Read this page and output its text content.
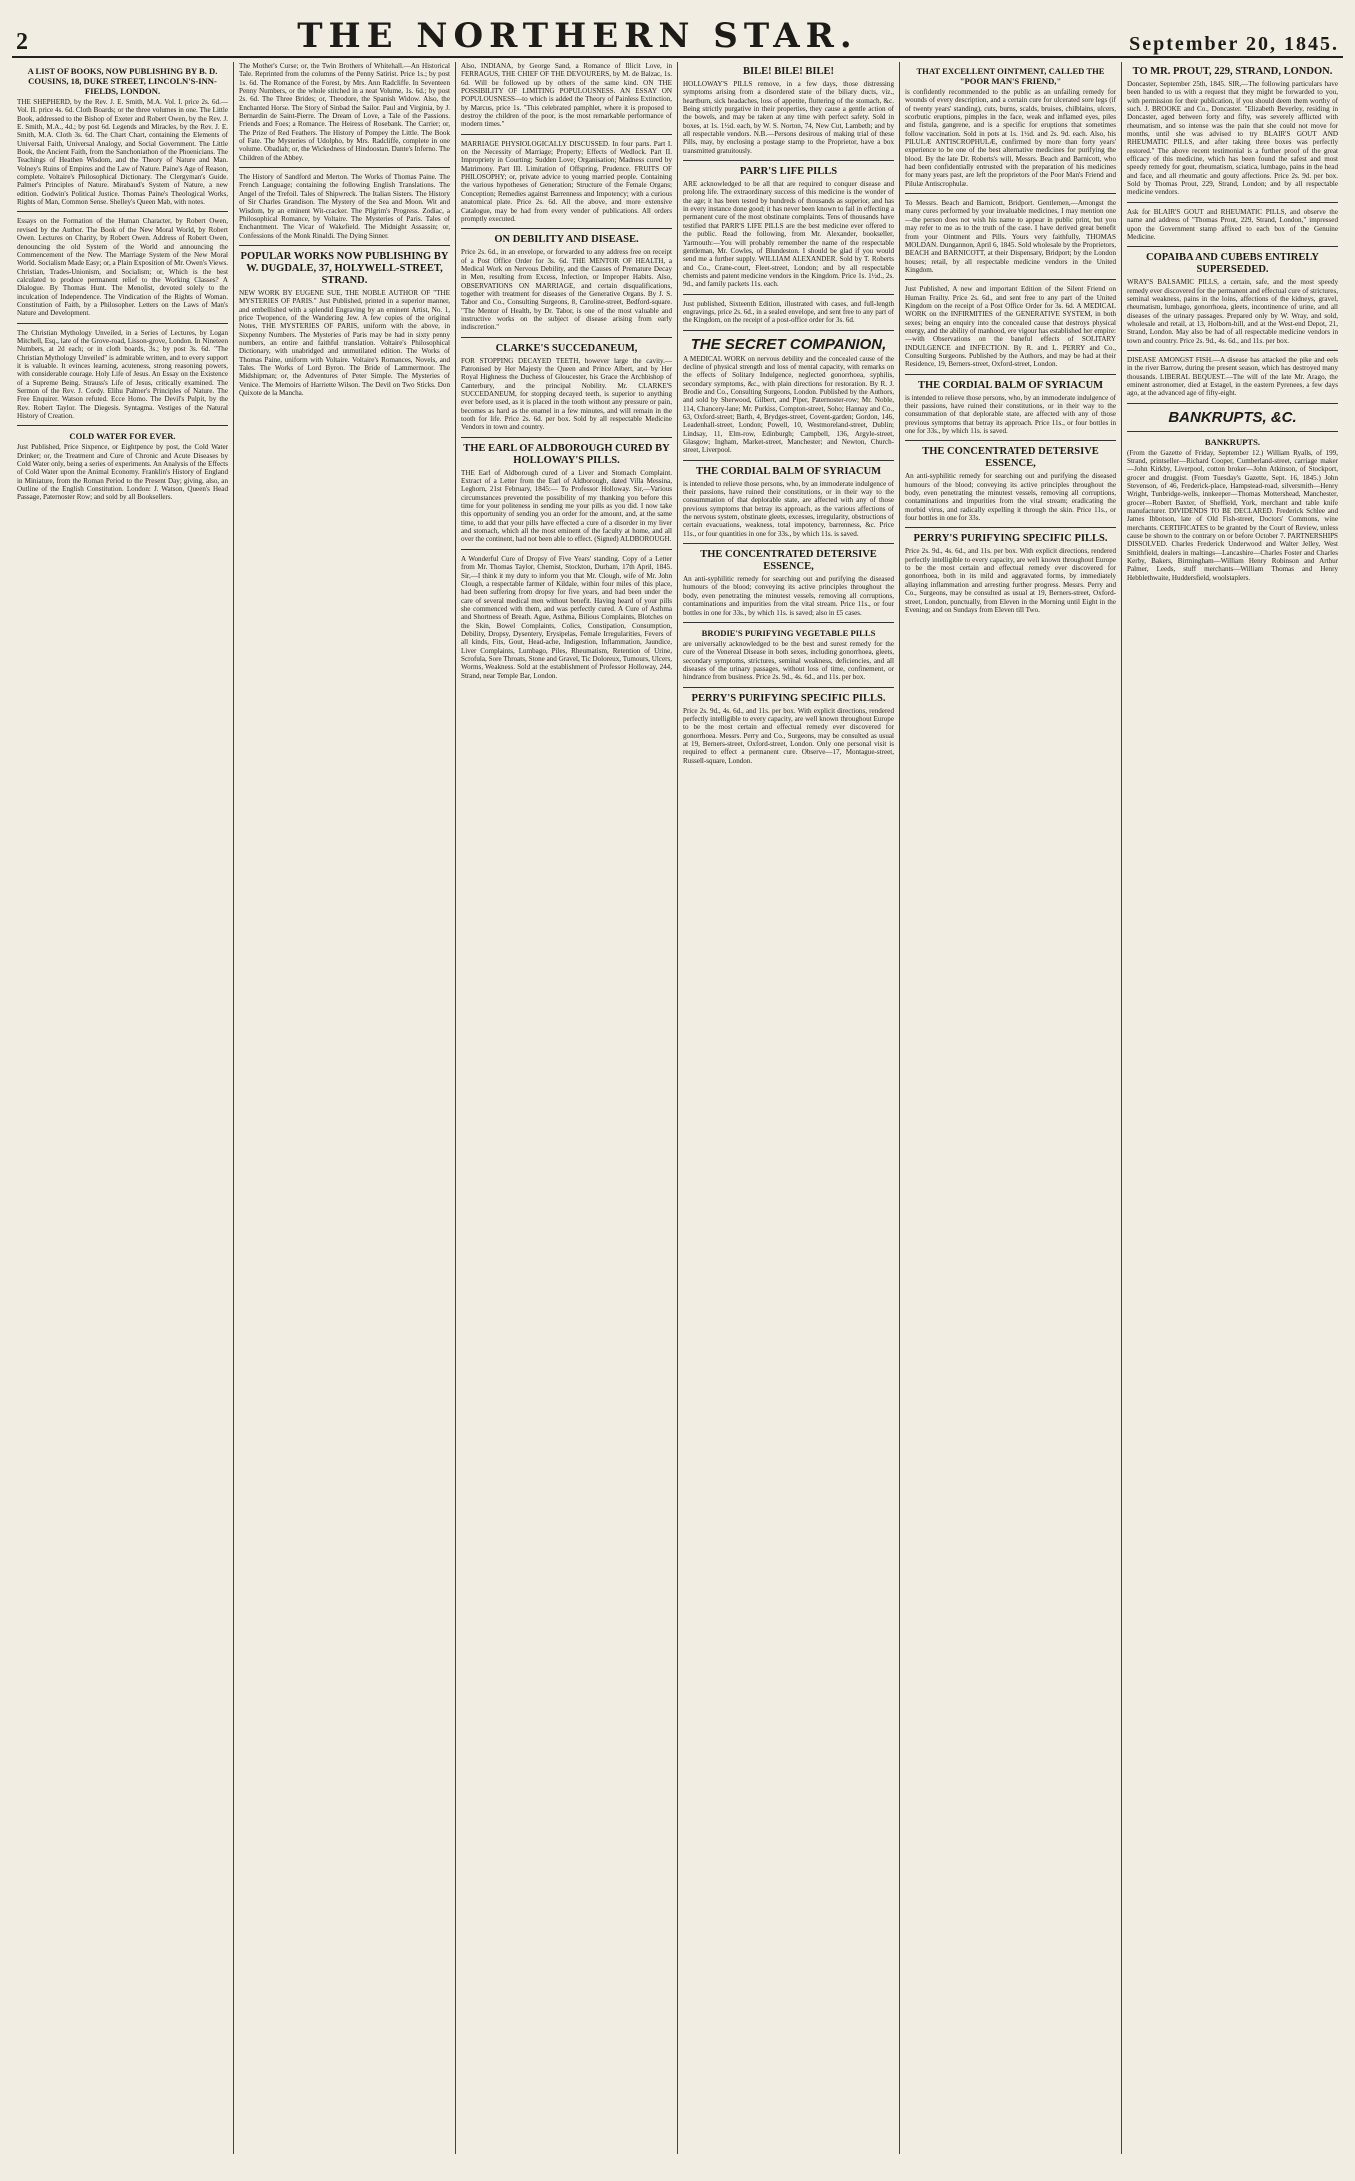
2	THE NORTHERN STAR.	September 20, 1845.
A LIST OF BOOKS, NOW PUBLISHING BY B. D. COUSINS, 18, DUKE STREET, LINCOLN'S-INN-FIELDS, LONDON.
THE SHEPHERD, by the Rev. J. E. Smith, M.A. Vol. I. price 2s. 6d.—Vol. II. price 4s. 6d. Cloth Boards; or the three volumes in one. The Little Book, addressed to the Bishop of Exeter and Robert Owen, by the Rev. J. E. Smith, M.A., 4d.; by post 6d. Legends and Miracles, by the Rev. J. E. Smith, M.A. Cloth 3s. 6d. The Chart Chart, containing the Elements of Universal Faith, Universal Analogy, and Social Government. The Little Book, the Ancient Faith, from the Sanchoniathon of the Phoenicians. The Teachings of Heathen Wisdom, and the Theory of Nature and Man. Volney's Ruins of Empires and the Law of Nature. Paine's Age of Reason, complete. Voltaire's Philosophical Dictionary. The Clergyman's Guide. Palmer's Principles of Nature. Mirabaud's System of Nature, a new edition. Godwin's Political Justice. Thomas Paine's Theological Works, Rights of Man, Common Sense. Shelley's Queen Mab, with notes.
Essays on the Formation of the Human Character, by Robert Owen, revised by the Author. The Book of the New Moral World, by Robert Owen. Lectures on Charity, by Robert Owen. Address of Robert Owen, denouncing the old System of the World and announcing the Commencement of the New. The Marriage System of the New Moral World. Socialism Made Easy; or, a Plain Exposition of Mr. Owen's Views. Christian, Trades-Unionism, and Socialism; or, Which is the best calculated to produce permanent relief to the Working Classes? A Dialogue. By Thomas Hunt. The Menolist, devoted solely to the inculcation of Independence. The Vindication of the Rights of Woman. Constitution of Faith, by a Philosopher. Letters on the Laws of Man's Nature and Development.
The Christian Mythology Unveiled, in a Series of Lectures, by Logan Mitchell, Esq., late of the Grove-road, Lisson-grove, London. In Nineteen Numbers, at 2d each; or in cloth boards, 3s.; by post 3s. 6d. "The Christian Mythology Unveiled" is admirable written, and to every support it is valuable. It evinces learning, acuteness, strong reasoning powers, with considerable courage. Holy Life of Jesus. An Essay on the Existence of a Supreme Being. Strauss's Life of Jesus, critically examined. The Sermon of the Rev. J. Cordy. Elihu Palmer's Principles of Nature. The Free Enquirer. Watson refuted. Ecce Homo. The Devil's Pulpit, by the Rev. Robert Taylor. The Diegesis. Syntagma. Vestiges of the Natural History of Creation.
COLD WATER FOR EVER.
Just Published, Price Sixpence, or Eightpence by post, the Cold Water Drinker; or, the Treatment and Cure of Chronic and Acute Diseases by Cold Water only, being a series of experiments. An Analysis of the Effects of Cold Water upon the Animal Economy. Franklin's History of England in Miniature, from the Roman Period to the Present Day; giving, also, an Outline of the English Constitution. London: J. Watson, Queen's Head Passage, Paternoster Row; and sold by all Booksellers.
The Mother's Curse; or, the Twin Brothers of Whitehall.—An Historical Tale. Reprinted from the columns of the Penny Satirist. Price 1s.; by post 1s. 6d. The Romance of the Forest, by Mrs. Ann Radcliffe. In Seventeen Penny Numbers, or the whole stitched in a neat Volume, 1s. 6d.; by post 2s. 6d. The Three Brides; or, Theodore, the Spanish Widow. Also, the Enchanted Horse. The Story of Sinbad the Sailor. Paul and Virginia, by J. Bernardin de Saint-Pierre. The Dream of Love, a Tale of the Passions. Friends and Foes; a Romance. The Heiress of Rosebank. The Carrier; or, The Prize of Red Feathers. The History of Pompey the Little. The Book of Fate. The Mysteries of Udolpho, by Mrs. Radcliffe, complete in one volume. Obadiah; or, the Wickedness of Hindoostan. Dante's Inferno. The Children of the Abbey.
The History of Sandford and Merton. The Works of Thomas Paine. The French Language; containing the following English Translations. The Angel of the Trefoil. Tales of Shipwreck. The Italian Sisters. The History of Sir Charles Grandison. The Mystery of the Sea and Moon. Wit and Wisdom, by an eminent Wit-cracker. The Pilgrim's Progress. Zodiac, a Philosophical Romance, by Voltaire. The Mysteries of Paris. Tales of Enchantment. The Vicar of Wakefield. The Midnight Assassin; or, Confessions of the Monk Rinaldi. The Dying Sinner.
POPULAR WORKS NOW PUBLISHING BY W. DUGDALE, 37, HOLYWELL-STREET, STRAND.
NEW WORK BY EUGENE SUE, THE NOBLE AUTHOR OF "THE MYSTERIES OF PARIS." Just Published, printed in a superior manner, and embellished with a splendid Engraving by an eminent Artist, No. 1, price Twopence, of the Wandering Jew. A few copies of the original Notes, THE MYSTERIES OF PARIS, uniform with the above, in Sixpenny Numbers. The Mysteries of Paris may be had in sixty penny numbers, an entire and faithful translation. Voltaire's Philosophical Dictionary, with unabridged and unmutilated edition. The Works of Thomas Paine, uniform with Voltaire. Voltaire's Romances, Novels, and Tales. The Works of Lord Byron. The Bride of Lammermoor. The Midshipman; or, the Adventures of Peter Simple. The Mysteries of Venice. The Memoirs of Harriette Wilson. The Devil on Two Sticks. Don Quixote de la Mancha.
Also, INDIANA, by George Sand, a Romance of Illicit Love, in FERRAGUS, THE CHIEF OF THE DEVOURERS, by M. de Balzac, 1s. 6d. Will be followed up by others of the same kind. ON THE POSSIBILITY OF LIMITING POPULOUSNESS. AN ESSAY ON POPULOUSNESS—to which is added the Theory of Painless Extinction, by Marcus, price 1s. "This celebrated pamphlet, where it is proposed to destroy the children of the poor, is the most remarkable performance of modern times."
MARRIAGE PHYSIOLOGICALLY DISCUSSED. In four parts. Part I. on the Necessity of Marriage; Property; Effects of Wedlock. Part II. Impropriety in Courting; Sudden Love; Organisation; Madness cured by Matrimony. Part III. Limitation of Offspring, Prudence. FRUITS OF PHILOSOPHY; or, private advice to young married people. Containing the various hypotheses of Generation; Structure of the Female Organs; Conception; Remedies against Barrenness and Impotency; with a curious anatomical plate. Price 2s. 6d. All the above, and more extensive Catalogue, may be had from every vender of publications. All orders promptly executed.
ON DEBILITY AND DISEASE.
Price 2s. 6d., in an envelope, or forwarded to any address free on receipt of a Post Office Order for 3s. 6d. THE MENTOR OF HEALTH, a Medical Work on Nervous Debility, and the Causes of Premature Decay in Men, resulting from Excess, Infection, or Improper Habits. Also, OBSERVATIONS ON MARRIAGE, and certain disqualifications, together with treatment for diseases of the Generative Organs. By J. S. Tabor and Co., Consulting Surgeons, 8, Caroline-street, Bedford-square. "The Mentor of Health, by Dr. Tabor, is one of the most valuable and instructive works on the subject of disease arising from early indiscretion."
CLARKE'S SUCCEDANEUM,
FOR STOPPING DECAYED TEETH, however large the cavity.—Patronised by Her Majesty the Queen and Prince Albert, and by Her Royal Highness the Duchess of Gloucester, his Grace the Archbishop of Canterbury, and the principal Nobility. Mr. CLARKE'S SUCCEDANEUM, for stopping decayed teeth, is superior to anything ever before used, as it is placed in the tooth without any pressure or pain, becomes as hard as the enamel in a few minutes, and will remain in the tooth for life. Price 2s. 6d. per box. Sold by all respectable Medicine Vendors in town and country.
THE EARL OF ALDBOROUGH CURED BY HOLLOWAY'S PILLS.
THE Earl of Aldborough cured of a Liver and Stomach Complaint. Extract of a Letter from the Earl of Aldborough, dated Villa Messina, Leghorn, 21st February, 1845:— To Professor Holloway. Sir,—Various circumstances prevented the possibility of my thanking you before this time for your politeness in sending me your pills as you did. I now take this opportunity of sending you an order for the amount, and, at the same time, to add that your pills have effected a cure of a disorder in my liver and stomach, which all the most eminent of the faculty at home, and all over the continent, had not been able to effect. (Signed) ALDBOROUGH.
A Wonderful Cure of Dropsy of Five Years' standing. Copy of a Letter from Mr. Thomas Taylor, Chemist, Stockton, Durham, 17th April, 1845. Sir,—I think it my duty to inform you that Mr. Clough, wife of Mr. John Clough, a respectable farmer of Kildale, within four miles of this place, had been suffering from dropsy for five years, and had been under the care of several medical men without benefit. Having heard of your pills she commenced with them, and was perfectly cured. A Cure of Asthma and Shortness of Breath. Ague, Asthma, Bilious Complaints, Blotches on the Skin, Bowel Complaints, Colics, Constipation, Consumption, Debility, Dropsy, Dysentery, Erysipelas, Female Irregularities, Fevers of all kinds, Fits, Gout, Head-ache, Indigestion, Inflammation, Jaundice, Liver Complaints, Lumbago, Piles, Rheumatism, Retention of Urine, Scrofula, Sore Throats, Stone and Gravel, Tic Doloreux, Tumours, Ulcers, Worms, Weakness. Sold at the establishment of Professor Holloway, 244, Strand, near Temple Bar, London.
BILE! BILE! BILE!
HOLLOWAY'S PILLS remove, in a few days, those distressing symptoms arising from a disordered state of the biliary ducts, viz., heartburn, sick headaches, loss of appetite, fluttering of the stomach, &c. Being strictly purgative in their properties, they cause a gentle action of the bowels, and may be taken at any time with perfect safety. Sold in boxes, at 1s. 1½d. each, by W. S. Norton, 74, New Cut, Lambeth; and by all respectable vendors. N.B.—Persons desirous of making trial of these Pills, may, by enclosing a postage stamp to the Proprietor, have a box transmitted gratuitously.
PARR'S LIFE PILLS
ARE acknowledged to be all that are required to conquer disease and prolong life. The extraordinary success of this medicine is the wonder of the age; it has been tested by hundreds of thousands as superior, and has in every instance done good; it has never been known to fail in effecting a permanent cure of the most obstinate complaints. Tens of thousands have testified that PARR'S LIFE PILLS are the best medicine ever offered to the public. Read the following, from Mr. Alexander, bookseller, Yarmouth:—You will probably remember the name of the respectable gentleman, Mr. Cowles, of Blundeston. I should be glad if you would send me a further supply. WILLIAM ALEXANDER. Sold by T. Roberts and Co., Crane-court, Fleet-street, London; and by all respectable chemists and patent medicine vendors in the Kingdom. Price 1s. 1½d., 2s. 9d., and family packets 11s. each.
Just published, Sixteenth Edition, illustrated with cases, and full-length engravings, price 2s. 6d., in a sealed envelope, and sent free to any part of the Kingdom, on the receipt of a post-office order for 3s. 6d.
THE SECRET COMPANION,
A MEDICAL WORK on nervous debility and the concealed cause of the decline of physical strength and loss of mental capacity, with remarks on the effects of Solitary Indulgence, neglected gonorrhoea, syphilis, secondary symptoms, &c., with plain directions for restoration. By R. J. Brodie and Co., Consulting Surgeons, London. Published by the Authors, and sold by Sherwood, Gilbert, and Piper, Paternoster-row; Mr. Noble, 114, Chancery-lane; Mr. Purkiss, Compton-street, Soho; Hannay and Co., 63, Oxford-street; Barth, 4, Brydges-street, Covent-garden; Gordon, 146, Leadenhall-street, London; Powell, 10, Westmoreland-street, Dublin; Lindsay, 11, Elm-row, Edinburgh; Campbell, 136, Argyle-street, Glasgow; Ingham, Market-street, Manchester; and Newton, Church-street, Liverpool.
THE CORDIAL BALM OF SYRIACUM
is intended to relieve those persons, who, by an immoderate indulgence of their passions, have ruined their constitutions, or in their way to the consummation of that deplorable state, are affected with any of those previous symptoms that betray its approach, as the various affections of the nervous system, obstinate gleets, excesses, irregularity, obstructions of certain evacuations, weakness, total impotency, barrenness, &c. Price 11s., or four quantities in one for 33s., by which 11s. is saved.
THE CONCENTRATED DETERSIVE ESSENCE,
An anti-syphilitic remedy for searching out and purifying the diseased humours of the blood; conveying its active principles throughout the body, even penetrating the minutest vessels, removing all corruptions, contaminations and impurities from the vital stream. Price 11s., or four bottles in one for 33s., by which 11s. is saved; also in £5 cases.
BRODIE'S PURIFYING VEGETABLE PILLS
are universally acknowledged to be the best and surest remedy for the cure of the Venereal Disease in both sexes, including gonorrhoea, gleets, secondary symptoms, strictures, seminal weakness, deficiencies, and all diseases of the urinary passages, without loss of time, confinement, or hindrance from business. Price 2s. 9d., 4s. 6d., and 11s. per box.
PERRY'S PURIFYING SPECIFIC PILLS.
Price 2s. 9d., 4s. 6d., and 11s. per box. With explicit directions, rendered perfectly intelligible to every capacity, are well known throughout Europe to be the most certain and effectual remedy ever discovered for gonorrhoea. Messrs. Perry and Co., Surgeons, may be consulted as usual at 19, Berners-street, Oxford-street, London. Only one personal visit is required to effect a permanent cure. Observe—17, Montague-street, Russell-square, London.
THAT EXCELLENT OINTMENT, CALLED THE "POOR MAN'S FRIEND,"
is confidently recommended to the public as an unfailing remedy for wounds of every description, and a certain cure for ulcerated sore legs (if of twenty years' standing), cuts, burns, scalds, bruises, chilblains, ulcers, scorbutic eruptions, pimples in the face, weak and inflamed eyes, piles and fistula, gangrene, and is a specific for eruptions that sometimes follow vaccination. Sold in pots at 1s. 1½d. and 2s. 9d. each. Also, his PILULÆ ANTISCROPHULÆ, confirmed by more than forty years' experience to be one of the best alternative medicines for purifying the blood. By the late Dr. Roberts's will, Messrs. Beach and Barnicott, who had been confidentially entrusted with the preparation of his medicines for many years past, are left the proprietors of the Poor Man's Friend and Pilulæ Antiscrophulæ.
To Messrs. Beach and Barnicott, Bridport. Gentlemen,—Amongst the many cures performed by your invaluable medicines, I may mention one—the person does not wish his name to appear in public print, but you may refer to me as to the truth of the case. I have derived great benefit from your Ointment and Pills. Yours very faithfully, THOMAS MOLDAN. Dungannon, April 6, 1845. Sold wholesale by the Proprietors, BEACH and BARNICOTT, at their Dispensary, Bridport; by the London houses; retail, by all respectable medicine vendors in the United Kingdom.
Just Published, A new and important Edition of the Silent Friend on Human Frailty. Price 2s. 6d., and sent free to any part of the United Kingdom on the receipt of a Post Office Order for 3s. 6d. A MEDICAL WORK on the INFIRMITIES of the GENERATIVE SYSTEM, in both sexes; being an enquiry into the concealed cause that destroys physical energy, and the ability of manhood, ere vigour has established her empire:—with Observations on the baneful effects of SOLITARY INDULGENCE and INFECTION. By R. and L. PERRY and Co., Consulting Surgeons. Published by the Authors, and may be had at their Residence, 19, Berners-street, Oxford-street, London.
THE CORDIAL BALM OF SYRIACUM
is intended to relieve those persons, who, by an immoderate indulgence of their passions, have ruined their constitutions, or in their way to the consummation of that deplorable state, are affected with any of those previous symptoms that betray its approach. Price 11s., or four bottles in one for 33s., by which 11s. is saved.
THE CONCENTRATED DETERSIVE ESSENCE,
An anti-syphilitic remedy for searching out and purifying the diseased humours of the blood; conveying its active principles throughout the body, even penetrating the minutest vessels, removing all corruptions, contaminations and impurities from the vital stream; eradicating the morbid virus, and radically expelling it through the skin. Price 11s., or four bottles in one for 33s.
PERRY'S PURIFYING SPECIFIC PILLS.
Price 2s. 9d., 4s. 6d., and 11s. per box. With explicit directions, rendered perfectly intelligible to every capacity, are well known throughout Europe to be the most certain and effectual remedy ever discovered for gonorrhoea, both in its mild and aggravated forms, by immediately allaying inflammation and arresting further progress. Messrs. Perry and Co., Surgeons, may be consulted as usual at 19, Berners-street, Oxford-street, London, punctually, from Eleven in the Morning until Eight in the Evening; and on Sundays from Eleven till Two.
TO MR. PROUT, 229, STRAND, LONDON.
Doncaster, September 25th, 1845. SIR,—The following particulars have been handed to us with a request that they might be forwarded to you, with permission for their publication, if you should deem them worthy of such. J. BROOKE and Co., Doncaster. "Elizabeth Beverley, residing in Doncaster, aged between forty and fifty, was severely afflicted with rheumatism, and so intense was the pain that she could not move for months, until she was advised to try BLAIR'S GOUT AND RHEUMATIC PILLS, and after taking three boxes was perfectly restored." The above recent testimonial is a further proof of the great efficacy of this medicine, which has been found the safest and most speedy remedy for gout, rheumatism, sciatica, lumbago, pains in the head and face, and all rheumatic and gouty affections. Price 2s. 9d. per box. Sold by Thomas Prout, 229, Strand, London; and by all respectable medicine vendors.
Ask for BLAIR'S GOUT and RHEUMATIC PILLS, and observe the name and address of "Thomas Prout, 229, Strand, London," impressed upon the Government stamp affixed to each box of the Genuine Medicine.
COPAIBA AND CUBEBS ENTIRELY SUPERSEDED.
WRAY'S BALSAMIC PILLS, a certain, safe, and the most speedy remedy ever discovered for the permanent and effectual cure of strictures, seminal weakness, pains in the loins, affections of the kidneys, gravel, rheumatism, lumbago, gonorrhoea, gleets, incontinence of urine, and all diseases of the urinary passages. Prepared only by W. Wray, and sold, wholesale and retail, at 13, Holborn-hill, and at the West-end Depot, 21, Strand, London. May also be had of all respectable medicine vendors in town and country. Price 2s. 9d., 4s. 6d., and 11s. per box.
DISEASE AMONGST FISH.—A disease has attacked the pike and eels in the river Barrow, during the present season, which has destroyed many thousands. LIBERAL BEQUEST.—The will of the late Mr. Arago, the eminent astronomer, died at Estagel, in the eastern Pyrenees, a few days ago, at the advanced age of fifty-eight.
BANKRUPTS, &C.
BANKRUPTS.
(From the Gazette of Friday, September 12.) William Ryalls, of 199, Strand, printseller—Richard Cooper, Cumberland-street, carriage maker—John Kirkby, Liverpool, cotton broker—John Atkinson, of Stockport, grocer and druggist. (From Tuesday's Gazette, Sept. 16, 1845.) John Stevenson, of 46, Frederick-place, Hampstead-road, silversmith—Henry Wright, Tunbridge-wells, innkeeper—Thomas Mottershead, Manchester, grocer—Robert Baxter, of Sheffield, York, merchant and table knife manufacturer. DIVIDENDS TO BE DECLARED. Frederick Schlee and James Ibbotson, late of Old Fish-street, Doctors' Commons, wine merchants. CERTIFICATES to be granted by the Court of Review, unless cause be shown to the contrary on or before October 7. PARTNERSHIPS DISSOLVED. Charles Frederick Underwood and Walter Jelley, West Smithfield, dealers in maltings—Lancashire—Charles Foster and Charles Kerby, Bakers, Birmingham—William Henry Robinson and Arthur Palmer, Leeds, stuff merchants—William Thomas and Henry Hebblethwaite, Huddersfield, woolstaplers.
